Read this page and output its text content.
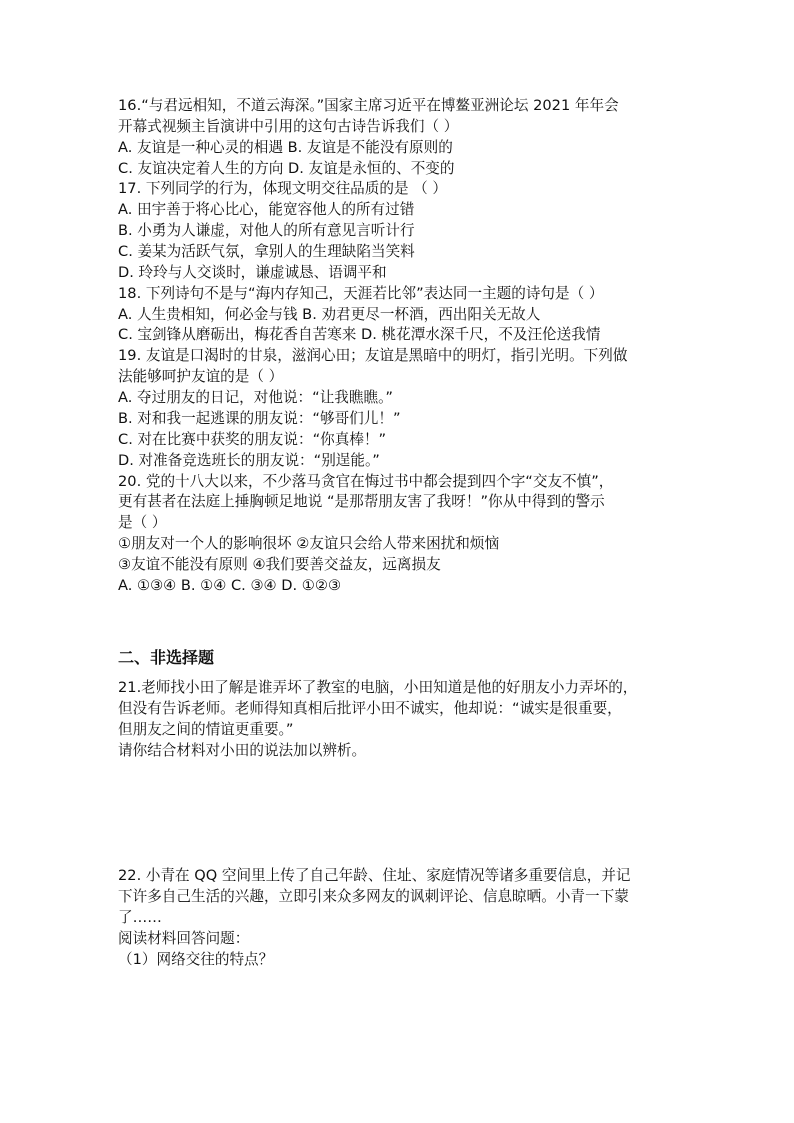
16.“与君远相知，不道云海深。”国家主席习近平在博鳌亚洲论坛 2021 年年会
开幕式视频主旨演讲中引用的这句古诗告诉我们（ ）
A. 友谊是一种心灵的相遇 B. 友谊是不能没有原则的
C. 友谊决定着人生的方向 D. 友谊是永恒的、不变的
17. 下列同学的行为，体现文明交往品质的是 （ ）
A. 田宇善于将心比心，能宽容他人的所有过错
B. 小勇为人谦虚，对他人的所有意见言听计行
C. 姜某为活跃气氛，拿别人的生理缺陷当笑料
D. 玲玲与人交谈时，谦虚诚恳、语调平和
18. 下列诗句不是与“海内存知己，天涯若比邻”表达同一主题的诗句是（ ）
A. 人生贵相知，何必金与钱 B. 劝君更尽一杯酒，西出阳关无故人
C. 宝剑锋从磨砺出，梅花香自苦寒来 D. 桃花潭水深千尺，不及汪伦送我情
19. 友谊是口渴时的甘泉，滋润心田；友谊是黑暗中的明灯，指引光明。下列做
法能够呵护友谊的是（ ）
A. 夺过朋友的日记，对他说：“让我瞧瞧。”
B. 对和我一起逃课的朋友说：“够哥们儿！”
C. 对在比赛中获奖的朋友说：“你真棒！”
D. 对准备竞选班长的朋友说：“别逞能。”
20. 党的十八大以来，不少落马贪官在悔过书中都会提到四个字“交友不慎”，
更有甚者在法庭上捶胸顿足地说 “是那帮朋友害了我呀！”你从中得到的警示
是（ ）
①朋友对一个人的影响很坏 ②友谊只会给人带来困扰和烦恼
③友谊不能没有原则 ④我们要善交益友，远离损友
A. ①③④ B. ①④ C. ③④ D. ①②③
二、非选择题
21.老师找小田了解是谁弄坏了教室的电脑，小田知道是他的好朋友小力弄坏的，
但没有告诉老师。老师得知真相后批评小田不诚实，他却说：“诚实是很重要，
但朋友之间的情谊更重要。”
请你结合材料对小田的说法加以辨析。
22. 小青在 QQ 空间里上传了自己年龄、住址、家庭情况等诸多重要信息，并记
下许多自己生活的兴趣，立即引来众多网友的讽刺评论、信息晾晒。小青一下蒙
了……
阅读材料回答问题：
（1）网络交往的特点？
